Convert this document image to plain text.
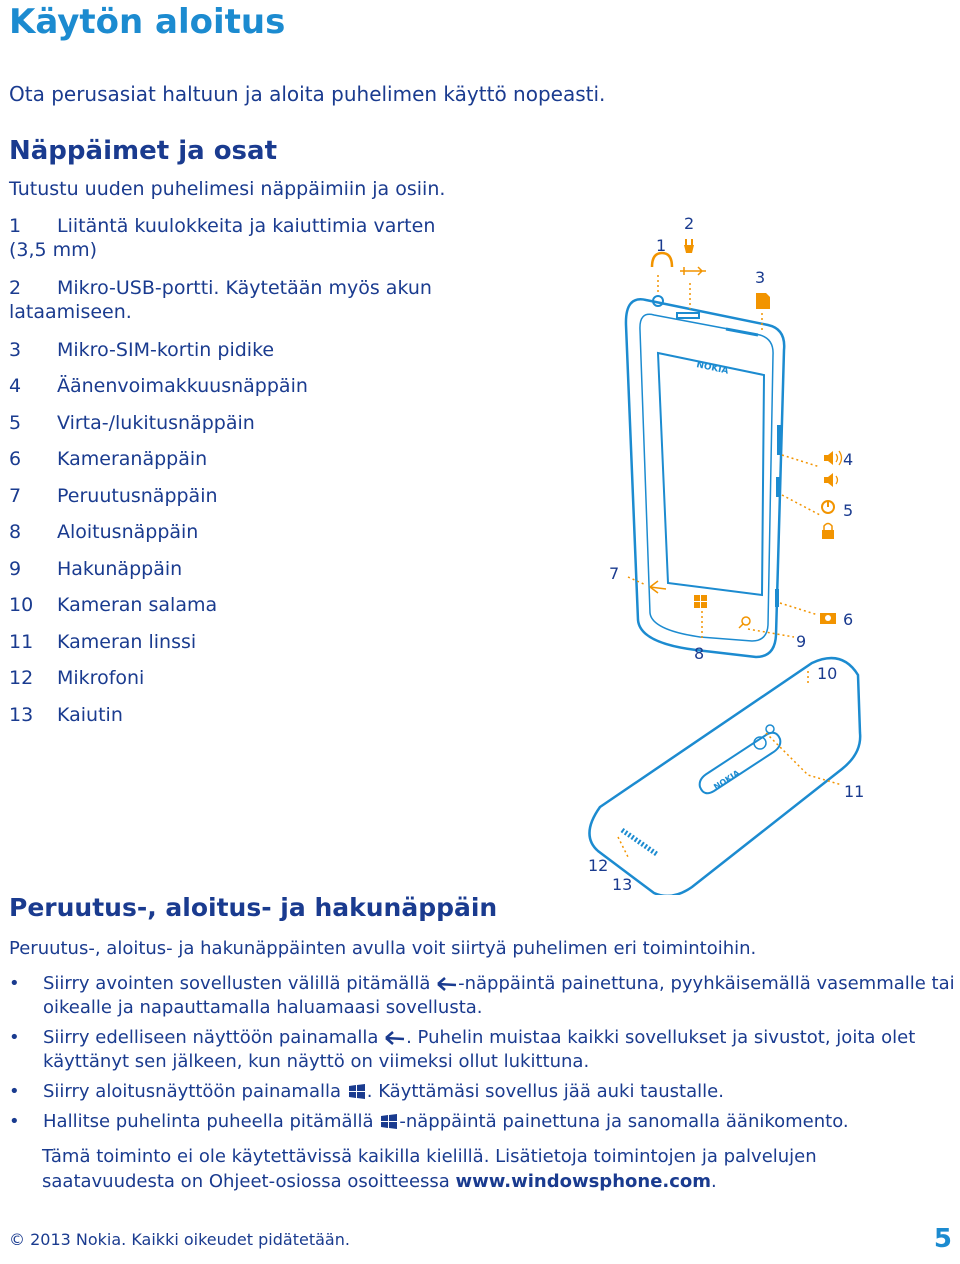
Käytön aloitus
Ota perusasiat haltuun ja aloita puhelimen käyttö nopeasti.
Näppäimet ja osat
Tutustu uuden puhelimesi näppäimiin ja osiin.
1	Liitäntä kuulokkeita ja kaiuttimia varten
(3,5 mm)
2	Mikro-USB-portti. Käytetään myös akun
lataamiseen.
3	Mikro-SIM-kortin pidike
4	Äänenvoimakkuusnäppäin
5	Virta-/lukitusnäppäin
6	Kameranäppäin
7	Peruutusnäppäin
8	Aloitusnäppäin
9	Hakunäppäin
10	Kameran salama
11	Kameran linssi
12	Mikrofoni
13	Kaiutin
NOKIA
NOKIA
1
2
3
4
5
6
7
8
9
10
11
12
13
Peruutus-, aloitus- ja hakunäppäin
Peruutus-, aloitus- ja hakunäppäinten avulla voit siirtyä puhelimen eri toimintoihin.
• Siirry avointen sovellusten välillä pitämällä -näppäintä painettuna, pyyhkäisemällä vasemmalle tai oikealle ja napauttamalla haluamaasi sovellusta.
• Siirry edelliseen näyttöön painamalla . Puhelin muistaa kaikki sovellukset ja sivustot, joita olet käyttänyt sen jälkeen, kun näyttö on viimeksi ollut lukittuna.
• Siirry aloitusnäyttöön painamalla . Käyttämäsi sovellus jää auki taustalle.
• Hallitse puhelinta puheella pitämällä -näppäintä painettuna ja sanomalla äänikomento.
Tämä toiminto ei ole käytettävissä kaikilla kielillä. Lisätietoja toimintojen ja palvelujen saatavuudesta on Ohjeet-osiossa osoitteessa www.windowsphone.com.
© 2013 Nokia. Kaikki oikeudet pidätetään.	5
